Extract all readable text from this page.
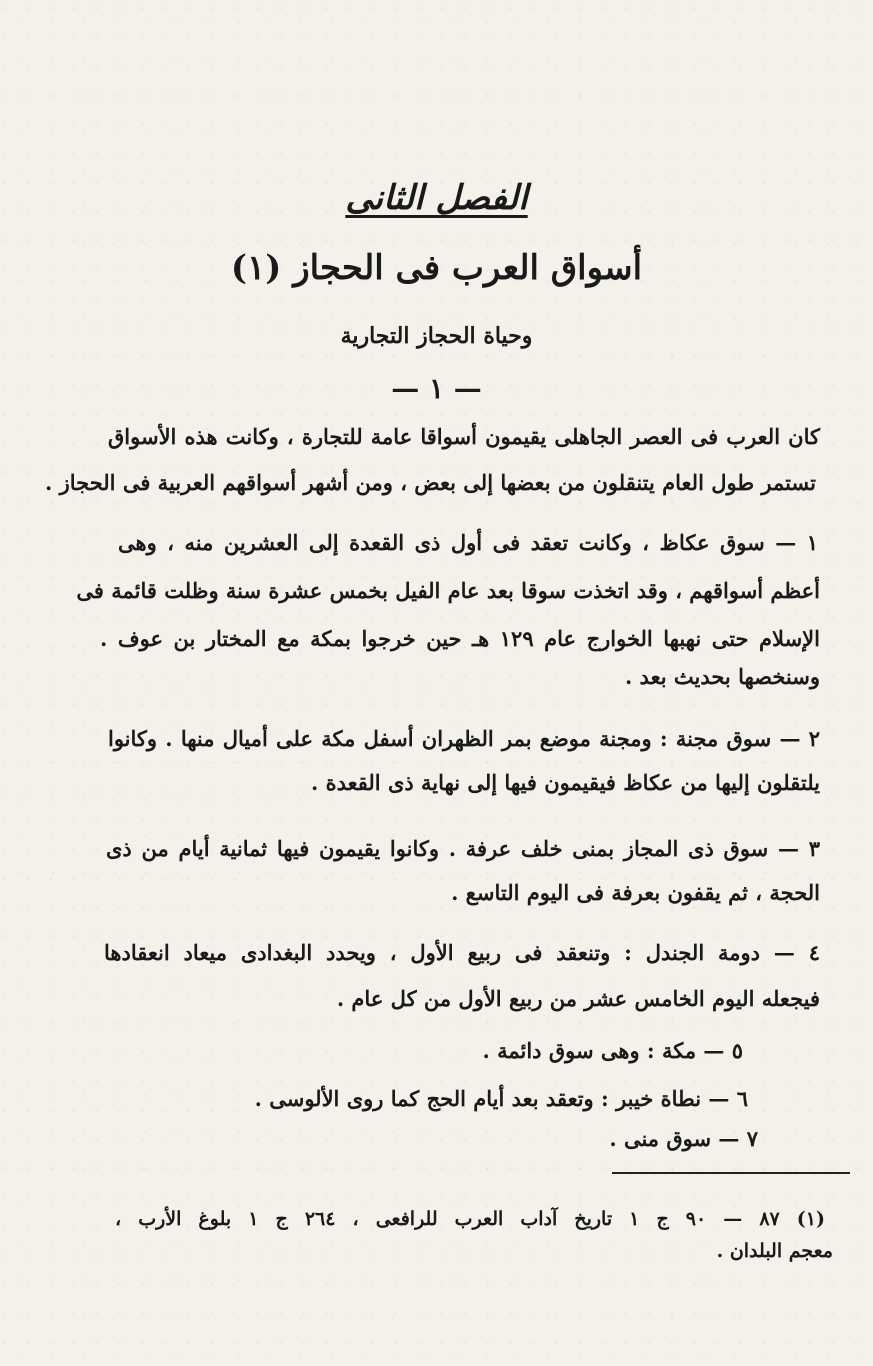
الفصل الثانى
أسواق العرب فى الحجاز (١)
وحياة الحجاز التجارية
— ١ —
كان العرب فى العصر الجاهلى يقيمون أسواقا عامة للتجارة ، وكانت هذه الأسواق
تستمر طول العام يتنقلون من بعضها إلى بعض ، ومن أشهر أسواقهم العربية فى الحجاز .
١ — سوق عكاظ ، وكانت تعقد فى أول ذى القعدة إلى العشرين منه ، وهى
أعظم أسواقهم ، وقد اتخذت سوقا بعد عام الفيل بخمس عشرة سنة وظلت قائمة فى
الإسلام حتى نهبها الخوارج عام ١٢٩ هـ حين خرجوا بمكة مع المختار بن عوف .
وسنخصها بحديث بعد .
٢ — سوق مجنة : ومجنة موضع بمر الظهران أسفل مكة على أميال منها . وكانوا
يلتقلون إليها من عكاظ فيقيمون فيها إلى نهاية ذى القعدة .
٣ — سوق ذى المجاز بمنى خلف عرفة . وكانوا يقيمون فيها ثمانية أيام من ذى
الحجة ، ثم يقفون بعرفة فى اليوم التاسع .
٤ — دومة الجندل : وتنعقد فى ربيع الأول ، ويحدد البغدادى ميعاد انعقادها
فيجعله اليوم الخامس عشر من ربيع الأول من كل عام .
٥ — مكة : وهى سوق دائمة .
٦ — نطاة خيبر : وتعقد بعد أيام الحج كما روى الألوسى .
٧ — سوق منى .
(١) ٨٧ — ٩٠ ج ١ تاريخ آداب العرب للرافعى ، ٢٦٤ ج ١ بلوغ الأرب ،
معجم البلدان .
